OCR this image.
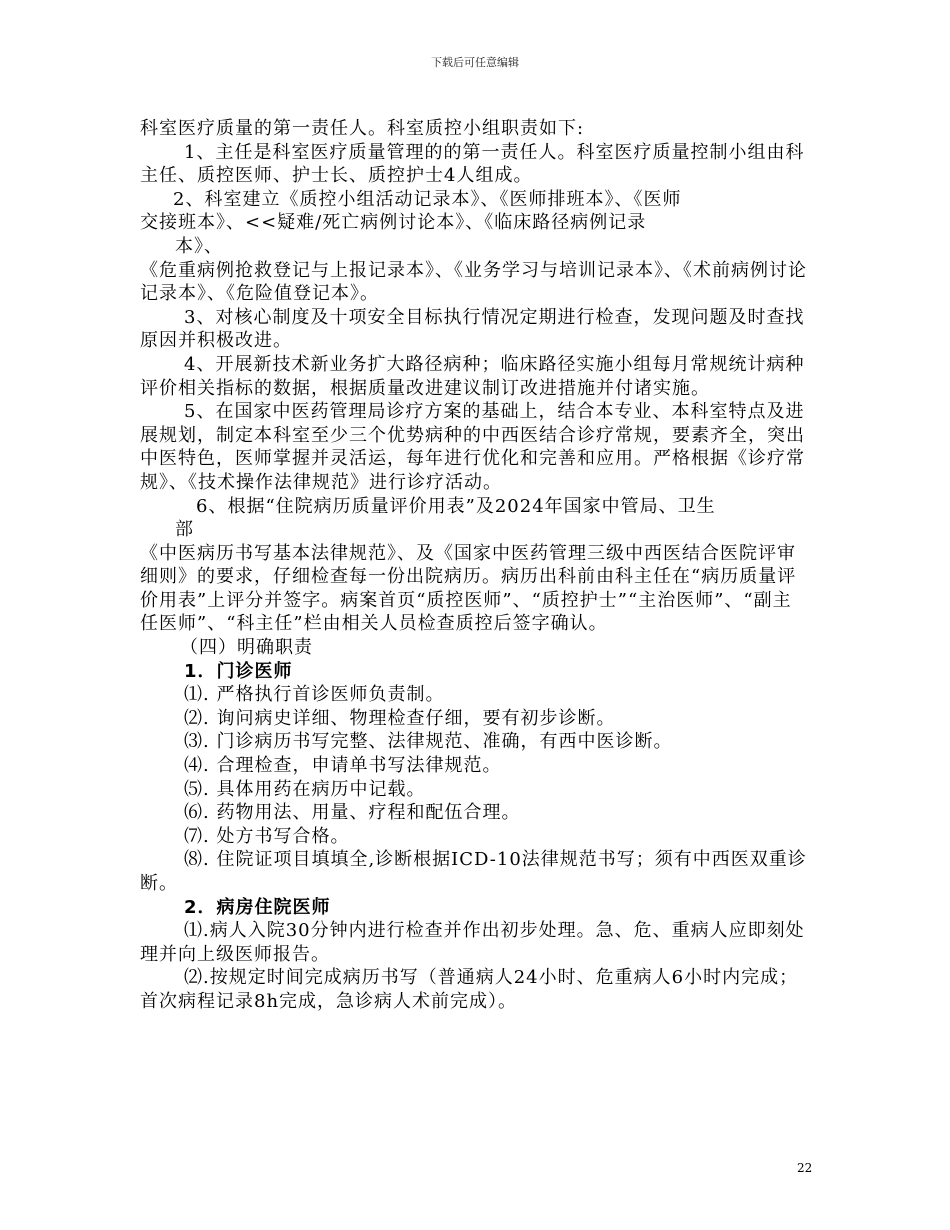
下载后可任意编辑

科室医疗质量的第一责任人。科室质控小组职责如下:

1、主任是科室医疗质量管理的的第一责任人。科室医疗质量控制小组由科主任、质控医师、护士长、质控护士4人组成。

2、科室建立《质控小组活动记录本》、《医师排班本》、《医师

交接班本》、<<疑难/死亡病例讨论本》、《临床路径病例记录

本》、

《危重病例抢救登记与上报记录本》、《业务学习与培训记录本》、《术前病例讨论记录本》、《危险值登记本》。

3、对核心制度及十项安全目标执行情况定期进行检查，发现问题及时查找原因并积极改进。

4、开展新技术新业务扩大路径病种；临床路径实施小组每月常规统计病种评价相关指标的数据，根据质量改进建议制订改进措施并付诸实施。

5、在国家中医药管理局诊疗方案的基础上，结合本专业、本科室特点及进展规划，制定本科室至少三个优势病种的中西医结合诊疗常规，要素齐全，突出中医特色，医师掌握并灵活运，每年进行优化和完善和应用。严格根据《诊疗常规》、《技术操作法律规范》进行诊疗活动。

6、根据“住院病历质量评价用表”及2024年国家中管局、卫生

部

《中医病历书写基本法律规范》、及《国家中医药管理三级中西医结合医院评审细则》的要求，仔细检查每一份出院病历。病历出科前由科主任在“病历质量评价用表”上评分并签字。病案首页“质控医师”、“质控护士”“主治医师”、“副主任医师”、“科主任”栏由相关人员检查质控后签字确认。

（四）明确职责

1．门诊医师

⑴. 严格执行首诊医师负责制。

⑵. 询问病史详细、物理检查仔细，要有初步诊断。

⑶. 门诊病历书写完整、法律规范、准确，有西中医诊断。

⑷. 合理检查，申请单书写法律规范。

⑸. 具体用药在病历中记载。

⑹. 药物用法、用量、疗程和配伍合理。

⑺. 处方书写合格。

⑻. 住院证项目填填全,诊断根据ICD-10法律规范书写；须有中西医双重诊断。

2．病房住院医师

⑴.病人入院30分钟内进行检查并作出初步处理。急、危、重病人应即刻处理并向上级医师报告。

⑵.按规定时间完成病历书写（普通病人24小时、危重病人6小时内完成；首次病程记录8h完成，急诊病人术前完成）。

22
